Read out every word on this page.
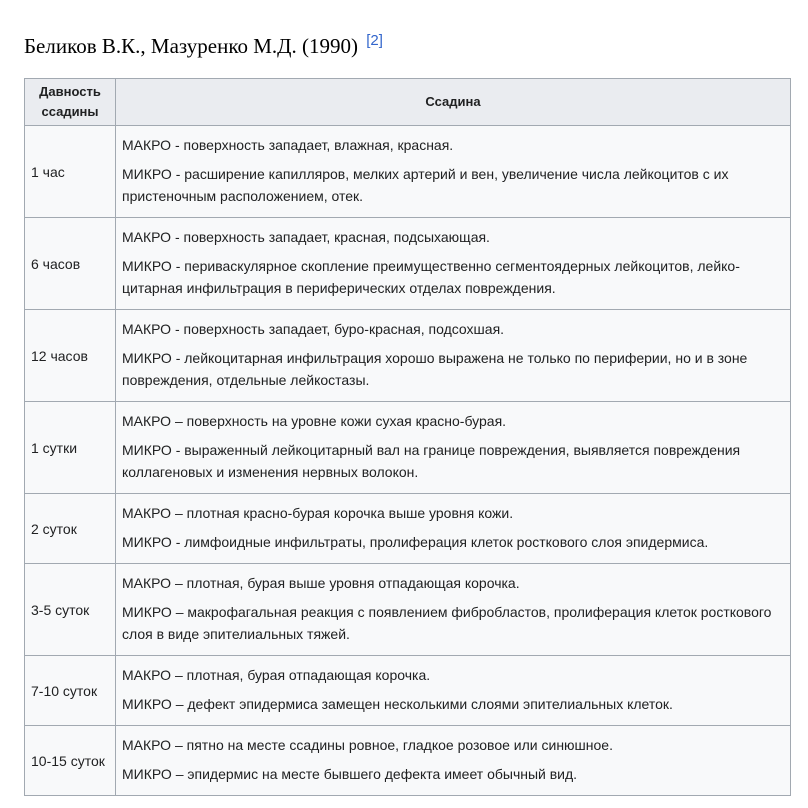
Беликов В.К., Мазуренко М.Д. (1990) [2]
Давность ссадины	Ссадина
1 час	МАКРО - поверхность западает, влажная, красная.

МИКРО - расширение капилляров, мелких артерий и вен, увеличение числа лейкоцитов с их пристеночным расположением, отек.

6 часов	МАКРО - поверхность западает, красная, подсыхающая.

МИКРО - периваскулярное скопление преимущественно сегментоядерных лейкоцитов, лейко-цитарная инфильтрация в периферических отделах повреждения.

12 часов	МАКРО - поверхность западает, буро-красная, подсохшая.

МИКРО - лейкоцитарная инфильтрация хорошо выражена не только по периферии, но и в зоне повреждения, отдельные лейкостазы.

1 сутки	МАКРО – поверхность на уровне кожи сухая красно-бурая.

МИКРО - выраженный лейкоцитарный вал на границе повреждения, выявляется повреждения коллагеновых и изменения нервных волокон.

2 суток	МАКРО – плотная красно-бурая корочка выше уровня кожи.

МИКРО - лимфоидные инфильтраты, пролиферация клеток росткового слоя эпидермиса.

3-5 суток	МАКРО – плотная, бурая выше уровня отпадающая корочка.

МИКРО – макрофагальная реакция с появлением фибробластов, пролиферация клеток росткового слоя в виде эпителиальных тяжей.

7-10 суток	МАКРО – плотная, бурая отпадающая корочка.

МИКРО – дефект эпидермиса замещен несколькими слоями эпителиальных клеток.

10-15 суток	МАКРО – пятно на месте ссадины ровное, гладкое розовое или синюшное.

МИКРО – эпидермис на месте бывшего дефекта имеет обычный вид.
